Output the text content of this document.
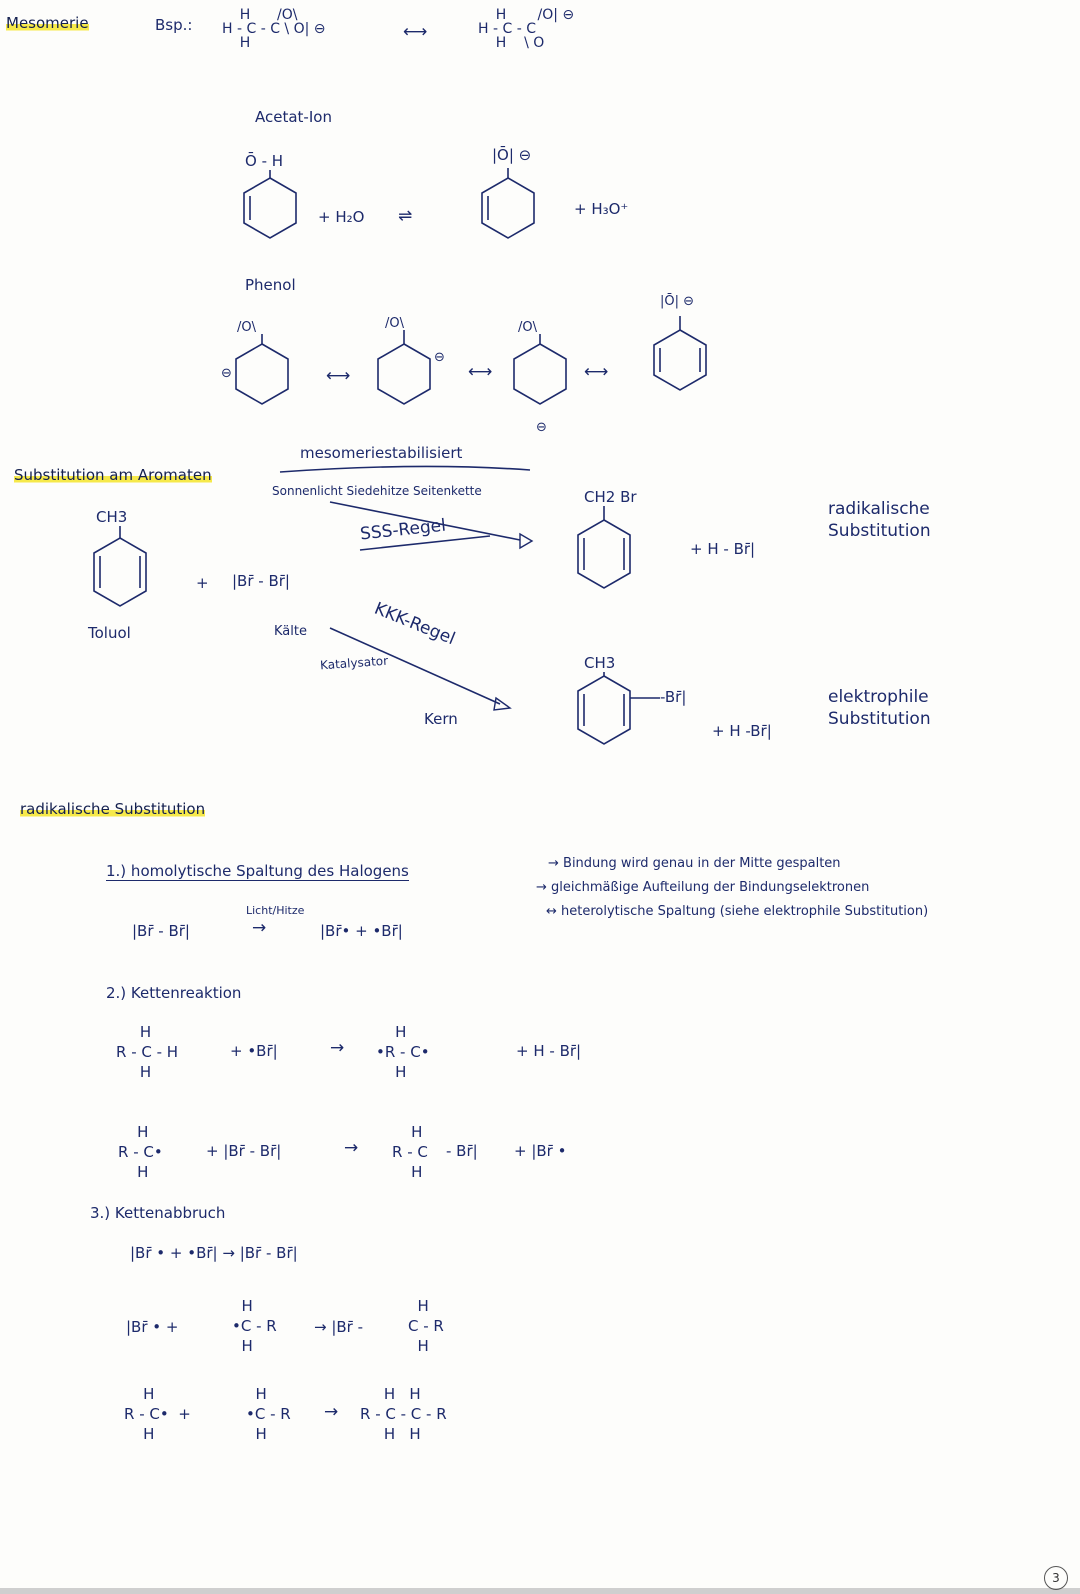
Mesomerie	Bsp.:
Substitution am Aromaten
radikalische Substitution
H      /O\
H - C - C \ O| ⊖
H
⟷
H       /O| ⊖
H - C - C
H    \ O
Acetat-Ion
Ō - H
+ H₂O ⇌
|Ō| ⊖
+ H₃O⁺
Phenol
/O\
⊖	⟷
/O\
⊖
⟷
/O\
⊖
⟷
|Ō| ⊖
mesomeriestabilisiert
CH3
Toluol
+ |Br̄ - Br̄|
Sonnenlicht Siedehitze Seitenkette
SSS-Regel
Kälte
Katalysator
KKK-Regel
Kern
CH2 Br
+ H - Br̄|
radikalische
Substitution
CH3
-Br̄|
+ H -Br̄|
elektrophile
Substitution
1.) homolytische Spaltung des Halogens
Licht/Hitze
|Br̄ - Br̄|	→	|Br̄• + •Br̄|
→ Bindung wird genau in der Mitte gespalten
→ gleichmäßige Aufteilung der Bindungselektronen
↔ heterolytische Spaltung (siehe elektrophile Substitution)
2.) Kettenreaktion
H
R - C - H
H
+ •Br̄|	→
H
•R - C•
H
+ H - Br̄|
H
R - C•
H
+ |Br̄ - Br̄|	→
H
R - C
H
- Br̄| + |Br̄ •
3.) Kettenabbruch
|Br̄ • + •Br̄| → |Br̄ - Br̄|
|Br̄ • +
H
•C - R
H
→ |Br̄ -
H
C - R
H
H
R - C•  +
H
H
•C - R
H
→
H   H
R - C - C - R
H   H
3
